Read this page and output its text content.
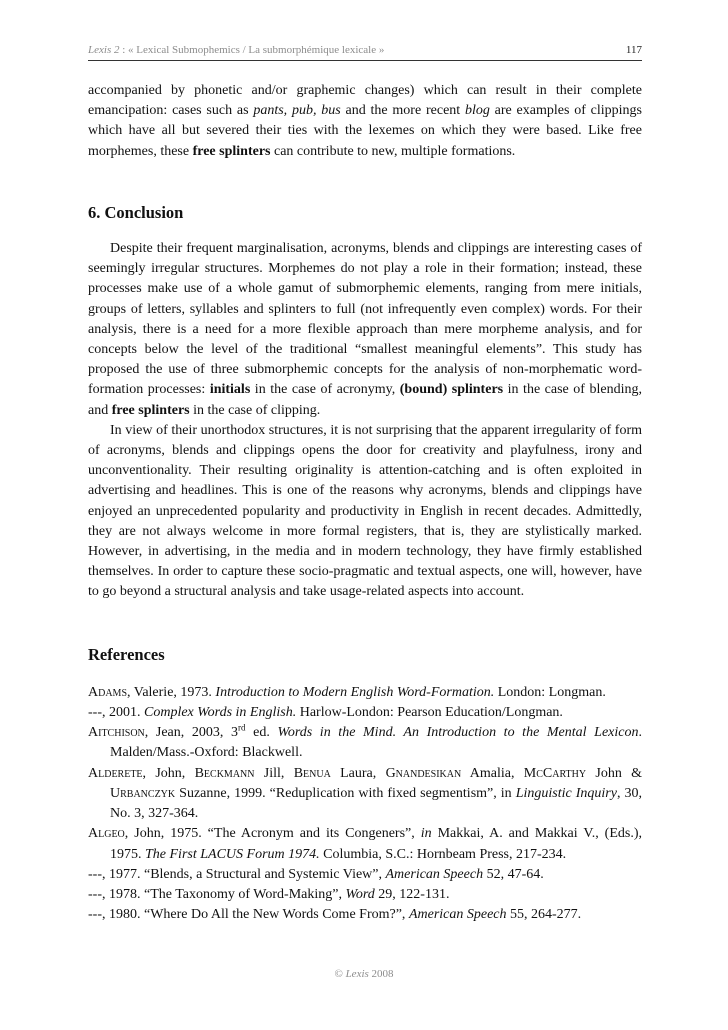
Lexis 2 : « Lexical Submophemics / La submorphémique lexicale »	117

accompanied by phonetic and/or graphemic changes) which can result in their complete emancipation: cases such as pants, pub, bus and the more recent blog are examples of clippings which have all but severed their ties with the lexemes on which they were based. Like free morphemes, these free splinters can contribute to new, multiple formations.

6. Conclusion

Despite their frequent marginalisation, acronyms, blends and clippings are interesting cases of seemingly irregular structures. Morphemes do not play a role in their formation; instead, these processes make use of a whole gamut of submorphemic elements, ranging from mere initials, groups of letters, syllables and splinters to full (not infrequently even complex) words. For their analysis, there is a need for a more flexible approach than mere morpheme analysis, and for concepts below the level of the traditional “smallest meaningful elements”. This study has proposed the use of three submorphemic concepts for the analysis of non-morphematic word-formation processes: initials in the case of acronymy, (bound) splinters in the case of blending, and free splinters in the case of clipping.

In view of their unorthodox structures, it is not surprising that the apparent irregularity of form of acronyms, blends and clippings opens the door for creativity and playfulness, irony and unconventionality. Their resulting originality is attention-catching and is often exploited in advertising and headlines. This is one of the reasons why acronyms, blends and clippings have enjoyed an unprecedented popularity and productivity in English in recent decades. Admittedly, they are not always welcome in more formal registers, that is, they are stylistically marked. However, in advertising, in the media and in modern technology, they have firmly established themselves. In order to capture these socio-pragmatic and textual aspects, one will, however, have to go beyond a structural analysis and take usage-related aspects into account.

References

Adams, Valerie, 1973. Introduction to Modern English Word-Formation. London: Longman.

---, 2001. Complex Words in English. Harlow-London: Pearson Education/Longman.

Aitchison, Jean, 2003, 3rd ed. Words in the Mind. An Introduction to the Mental Lexicon. Malden/Mass.-Oxford: Blackwell.

Alderete, John, Beckmann Jill, Benua Laura, Gnandesikan Amalia, McCarthy John & Urbanczyk Suzanne, 1999. “Reduplication with fixed segmentism”, in Linguistic Inquiry, 30, No. 3, 327-364.

Algeo, John, 1975. “The Acronym and its Congeners”, in Makkai, A. and Makkai V., (Eds.), 1975. The First LACUS Forum 1974. Columbia, S.C.: Hornbeam Press, 217-234.

---, 1977. “Blends, a Structural and Systemic View”, American Speech 52, 47-64.

---, 1978. “The Taxonomy of Word-Making”, Word 29, 122-131.

---, 1980. “Where Do All the New Words Come From?”, American Speech 55, 264-277.

© Lexis 2008
